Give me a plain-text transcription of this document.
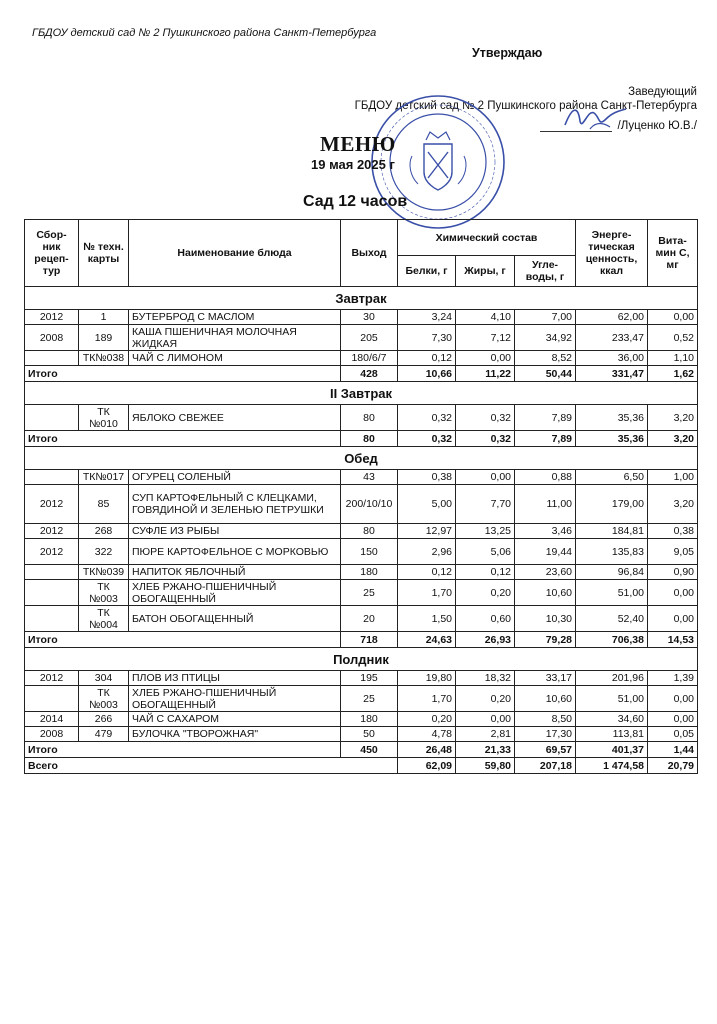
ГБДОУ детский сад № 2 Пушкинского района Санкт-Петербурга
Утверждаю
Заведующий
ГБДОУ детский сад № 2 Пушкинского района Санкт-Петербурга
/Луценко Ю.В./
МЕНЮ
19 мая 2025 г
Сад 12 часов
Сбор-ник рецеп-тур	№ техн. карты	Наименование блюда	Выход	Химический состав			Энерге-тическая ценность, ккал	Вита-мин С, мг
				Белки, г	Жиры, г	Угле-воды, г		
Завтрак								
2012	1	БУТЕРБРОД С МАСЛОМ	30	3,24	4,10	7,00	62,00	0,00
2008	189	КАША ПШЕНИЧНАЯ МОЛОЧНАЯ ЖИДКАЯ	205	7,30	7,12	34,92	233,47	0,52
	ТК№038	ЧАЙ С ЛИМОНОМ	180/6/7	0,12	0,00	8,52	36,00	1,10
Итого			428	10,66	11,22	50,44	331,47	1,62
II Завтрак								
	ТК №010	ЯБЛОКО СВЕЖЕЕ	80	0,32	0,32	7,89	35,36	3,20
Итого			80	0,32	0,32	7,89	35,36	3,20
Обед								
	ТК№017	ОГУРЕЦ СОЛЕНЫЙ	43	0,38	0,00	0,88	6,50	1,00
2012	85	СУП КАРТОФЕЛЬНЫЙ С КЛЕЦКАМИ, ГОВЯДИНОЙ И ЗЕЛЕНЬЮ ПЕТРУШКИ	200/10/10	5,00	7,70	11,00	179,00	3,20
2012	268	СУФЛЕ ИЗ РЫБЫ	80	12,97	13,25	3,46	184,81	0,38
2012	322	ПЮРЕ КАРТОФЕЛЬНОЕ С МОРКОВЬЮ	150	2,96	5,06	19,44	135,83	9,05
	ТК№039	НАПИТОК ЯБЛОЧНЫЙ	180	0,12	0,12	23,60	96,84	0,90
	ТК №003	ХЛЕБ РЖАНО-ПШЕНИЧНЫЙ ОБОГАЩЕННЫЙ	25	1,70	0,20	10,60	51,00	0,00
	ТК №004	БАТОН ОБОГАЩЕННЫЙ	20	1,50	0,60	10,30	52,40	0,00
Итого			718	24,63	26,93	79,28	706,38	14,53
Полдник								
2012	304	ПЛОВ ИЗ ПТИЦЫ	195	19,80	18,32	33,17	201,96	1,39
	ТК №003	ХЛЕБ РЖАНО-ПШЕНИЧНЫЙ ОБОГАЩЕННЫЙ	25	1,70	0,20	10,60	51,00	0,00
2014	266	ЧАЙ С САХАРОМ	180	0,20	0,00	8,50	34,60	0,00
2008	479	БУЛОЧКА "ТВОРОЖНАЯ"	50	4,78	2,81	17,30	113,81	0,05
Итого			450	26,48	21,33	69,57	401,37	1,44
Всего				62,09	59,80	207,18	1 474,58	20,79
